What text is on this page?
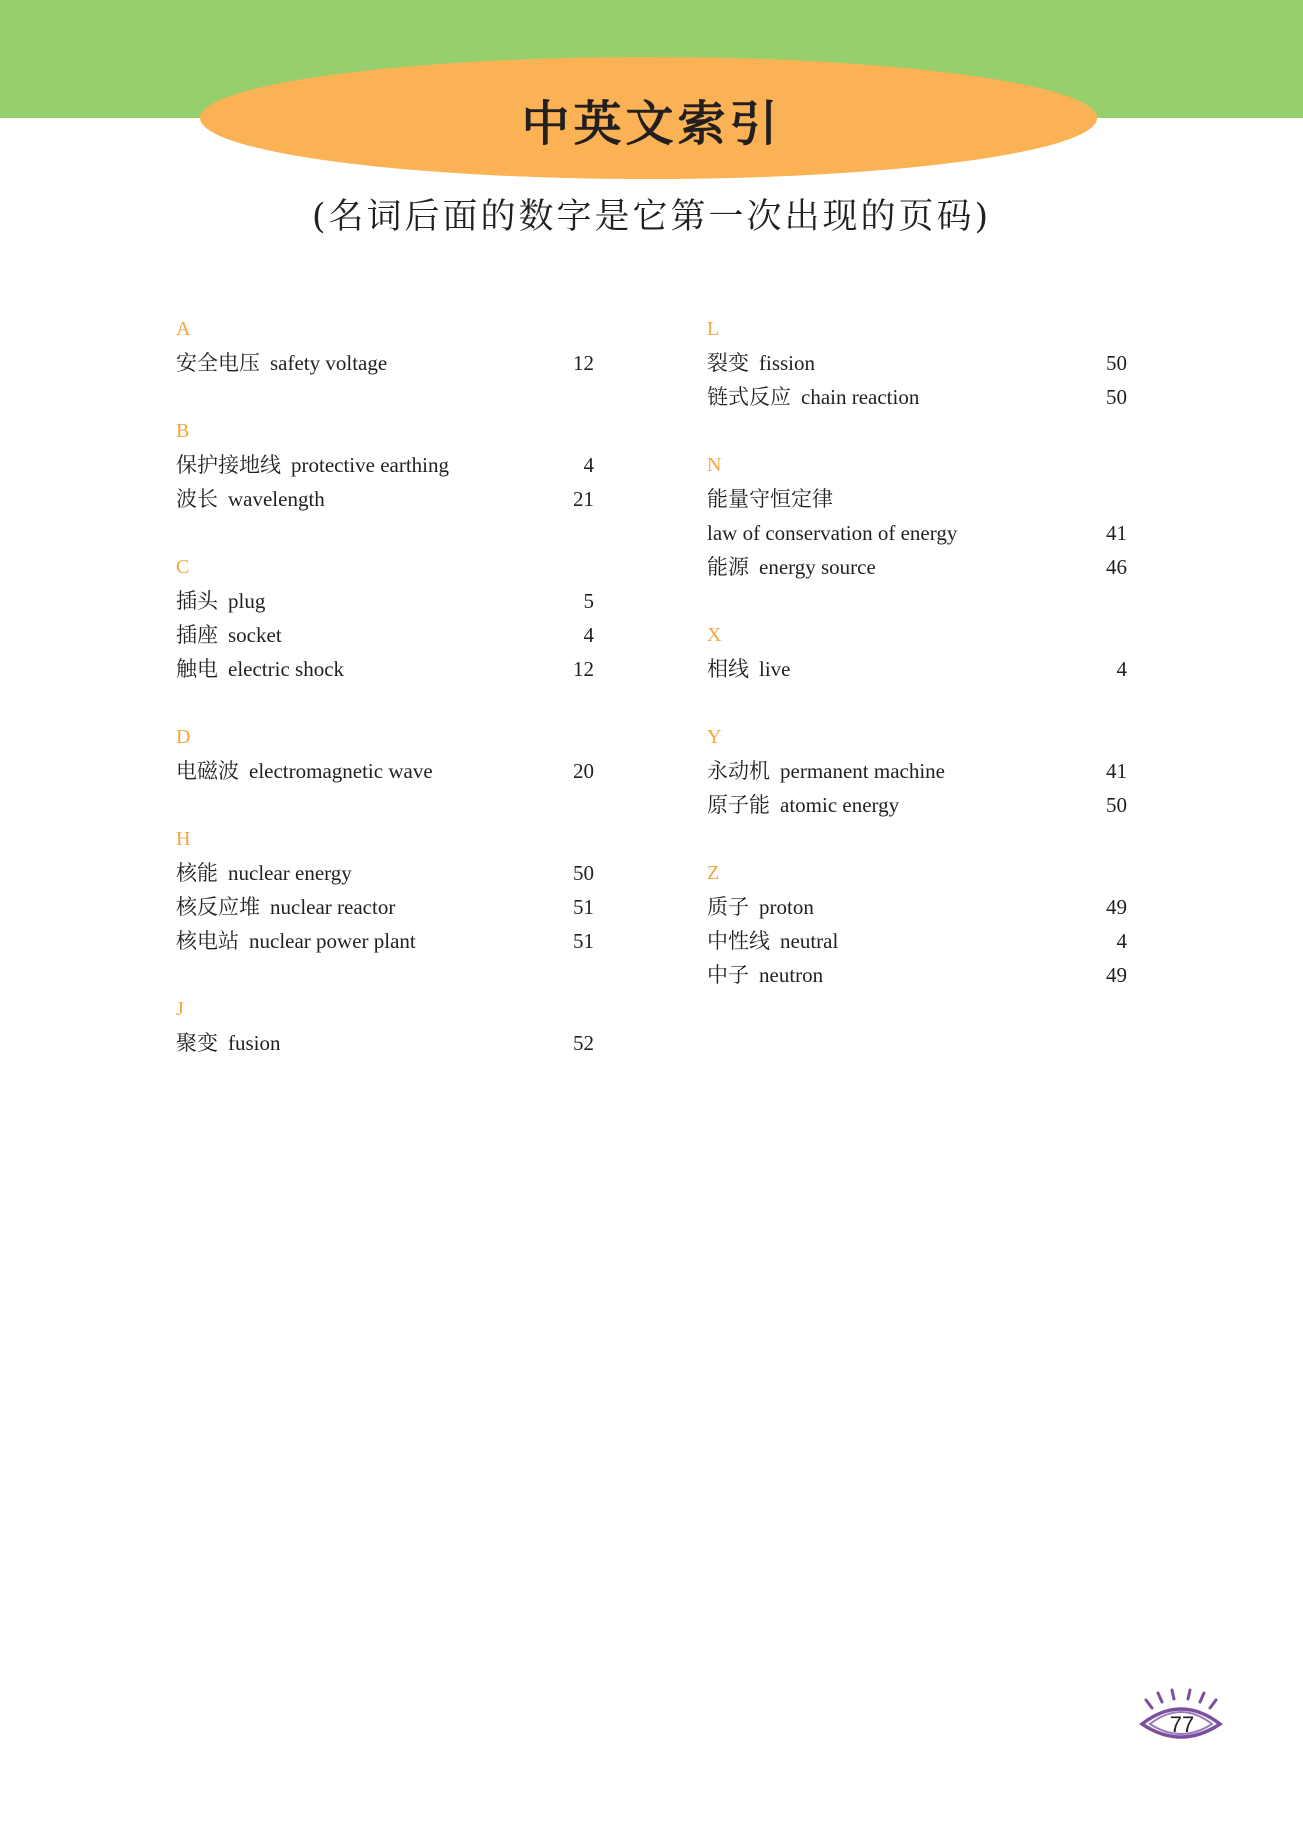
中英文索引
(名词后面的数字是它第一次出现的页码)
A
安全电压 safety voltage	12
B
保护接地线 protective earthing	4
波长 wavelength	21
C
插头 plug	5
插座 socket	4
触电 electric shock	12
D
电磁波 electromagnetic wave	20
H
核能 nuclear energy	50
核反应堆 nuclear reactor	51
核电站 nuclear power plant	51
J
聚变 fusion	52
L
裂变 fission	50
链式反应 chain reaction	50
N
能量守恒定律
law of conservation of energy	41
能源 energy source	46
X
相线 live	4
Y
永动机 permanent machine	41
原子能 atomic energy	50
Z
质子 proton	49
中性线 neutral	4
中子 neutron	49
77
